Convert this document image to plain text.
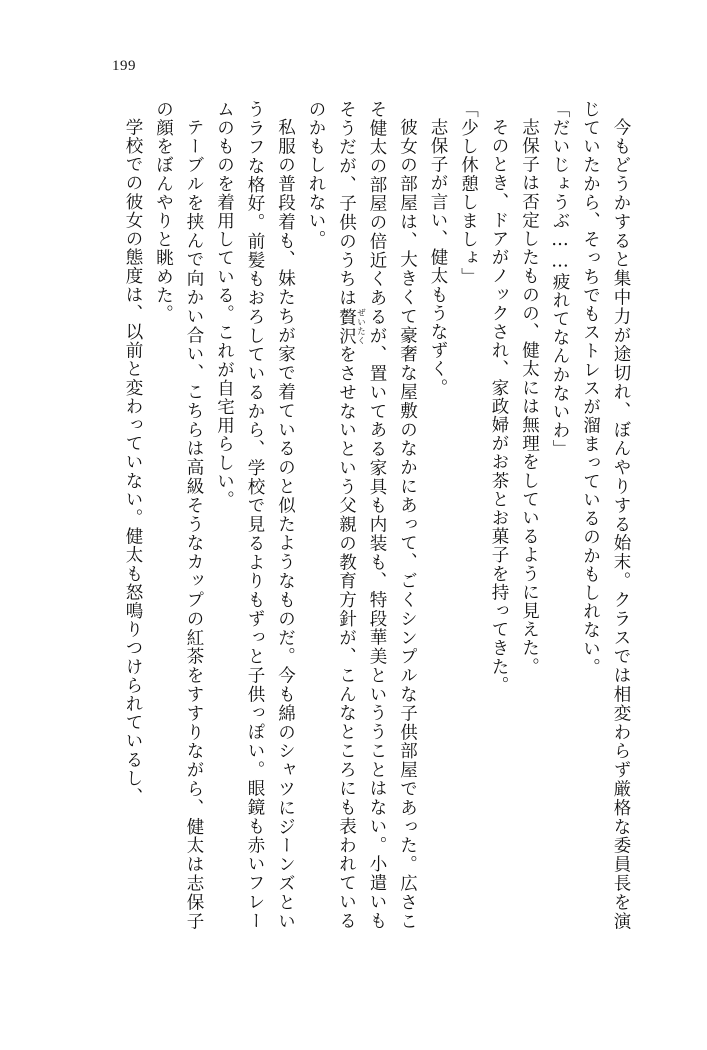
199

今もどうかすると集中力が途切れ、ぼんやりする始末。クラスでは相変わらず厳格な委員長を演じていたから、そっちでもストレスが溜まっているのかもしれない。

「だいじょうぶ……疲れてなんかないわ」

志保子は否定したものの、健太には無理をしているように見えた。

そのとき、ドアがノックされ、家政婦がお茶とお菓子を持ってきた。

「少し休憩しましょ」

志保子が言い、健太もうなずく。

彼女の部屋は、大きくて豪奢な屋敷のなかにあって、ごくシンプルな子供部屋であった。広さこそ健太の部屋の倍近くあるが、置いてある家具も内装も、特段華美といううことはない。小遣いもそうだが、子供のうちは贅沢 ぜいたくをさせないという父親の教育方針が、こんなところにも表われているのかもしれない。

私服の普段着も、妹たちが家で着ているのと似たようなものだ。今も綿のシャツにジーンズというラフな格好。前髪もおろしているから、学校で見るよりもずっと子供っぽい。眼鏡も赤いフレームのものを着用している。これが自宅用らしい。

テーブルを挟んで向かい合い、こちらは高級そうなカップの紅茶をすすりながら、健太は志保子の顔をぼんやりと眺めた。

学校での彼女の態度は、以前と変わっていない。健太も怒鳴りつけられているし、
